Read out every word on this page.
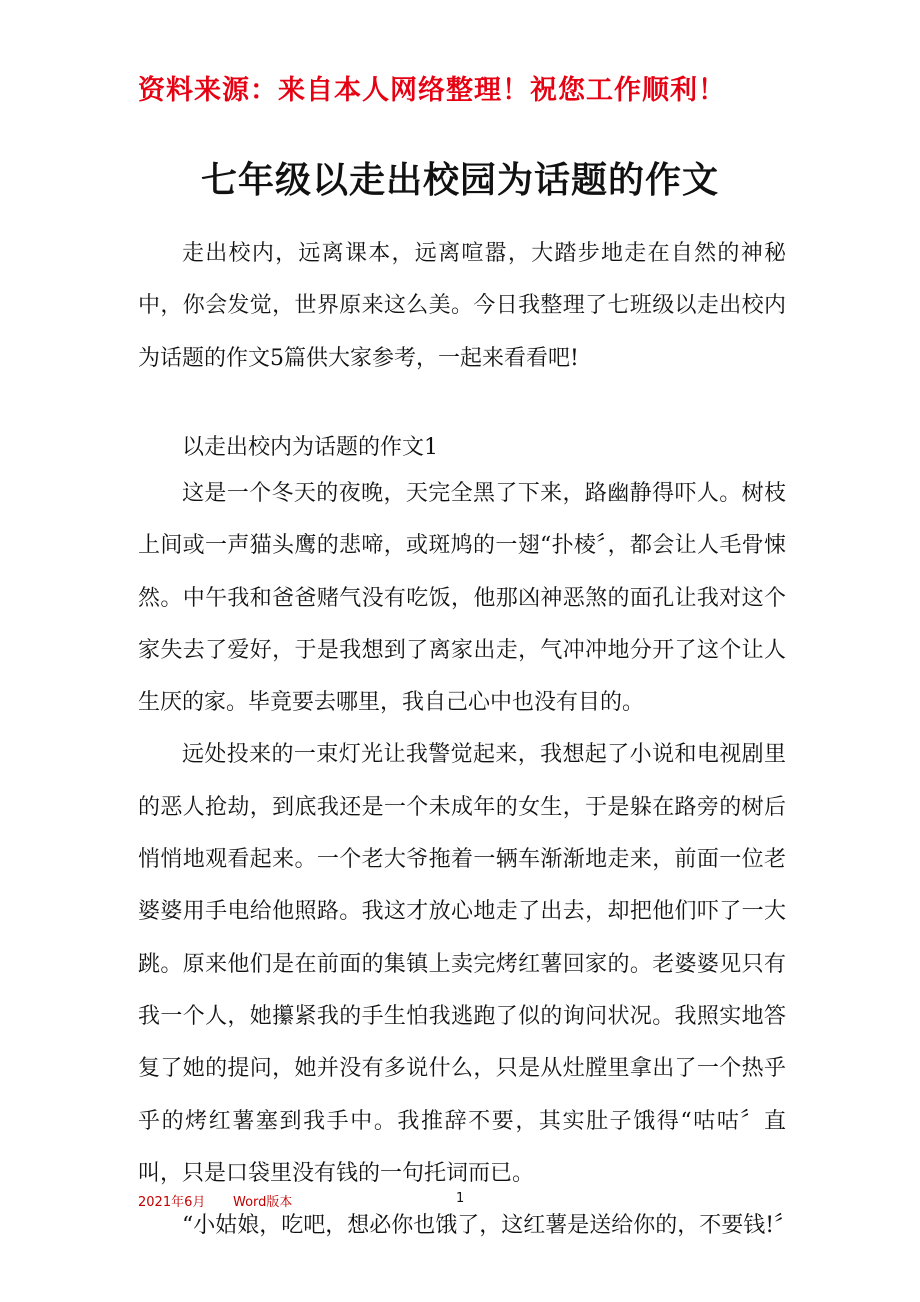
资料来源：来自本人网络整理！祝您工作顺利！
七年级以走出校园为话题的作文

走出校内，远离课本，远离喧嚣，大踏步地走在自然的神秘中，你会发觉，世界原来这么美。今日我整理了七班级以走出校内为话题的作文5篇供大家参考，一起来看看吧!

以走出校内为话题的作文1

这是一个冬天的夜晚，天完全黑了下来，路幽静得吓人。树枝上间或一声猫头鹰的悲啼，或斑鸠的一翅“扑棱〞，都会让人毛骨悚然。中午我和爸爸赌气没有吃饭，他那凶神恶煞的面孔让我对这个家失去了爱好，于是我想到了离家出走，气冲冲地分开了这个让人生厌的家。毕竟要去哪里，我自己心中也没有目的。

远处投来的一束灯光让我警觉起来，我想起了小说和电视剧里的恶人抢劫，到底我还是一个未成年的女生，于是躲在路旁的树后悄悄地观看起来。一个老大爷拖着一辆车渐渐地走来，前面一位老婆婆用手电给他照路。我这才放心地走了出去，却把他们吓了一大跳。原来他们是在前面的集镇上卖完烤红薯回家的。老婆婆见只有我一个人，她攥紧我的手生怕我逃跑了似的询问状况。我照实地答复了她的提问，她并没有多说什么，只是从灶膛里拿出了一个热乎乎的烤红薯塞到我手中。我推辞不要，其实肚子饿得“咕咕〞直叫，只是口袋里没有钱的一句托词而已。

“小姑娘，吃吧，想必你也饿了，这红薯是送给你的，不要钱!〞

2021年6月 Word版本	1
